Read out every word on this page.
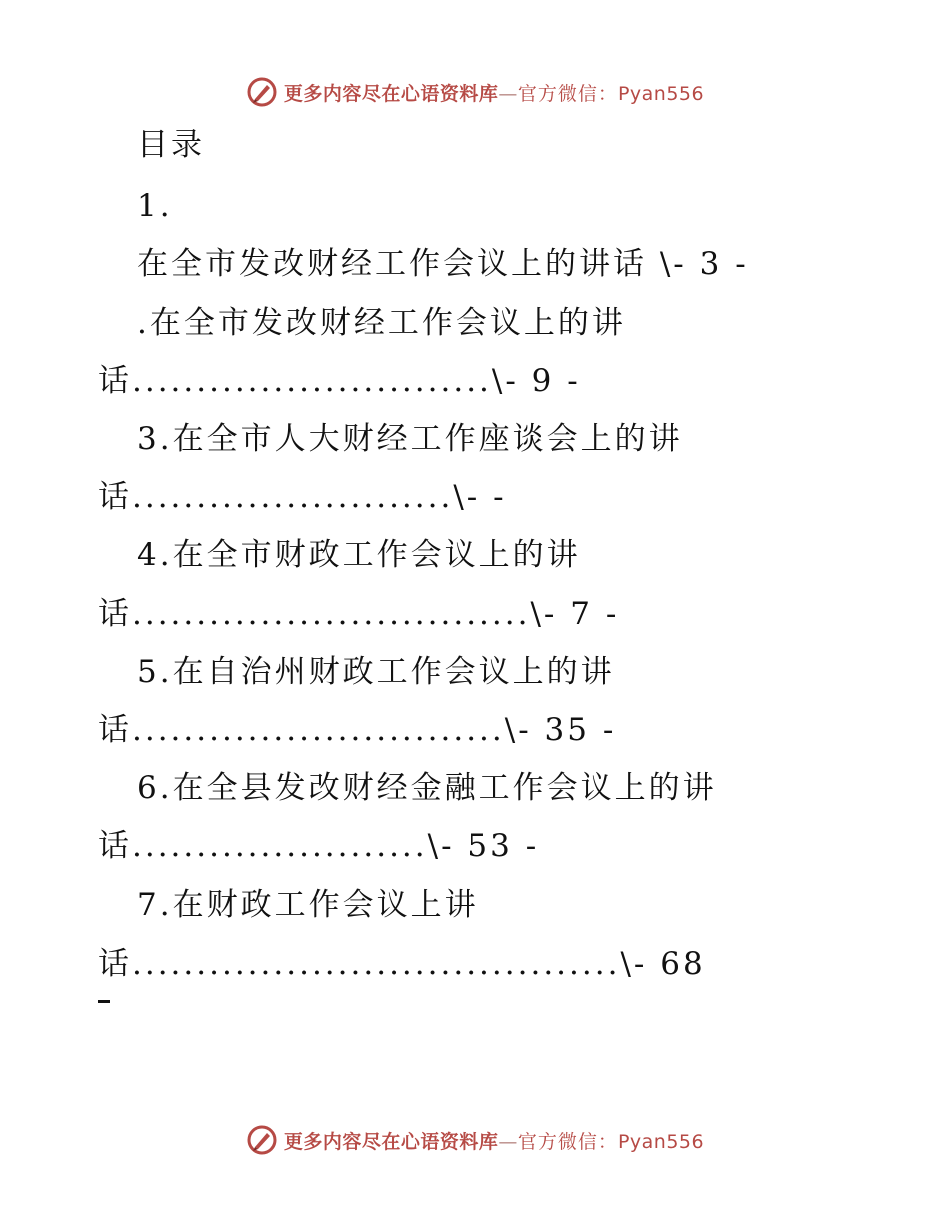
更多内容尽在心语资料库—官方微信：Pyan556
目录
1.
在全市发改财经工作会议上的讲话 \- 3 -
.在全市发改财经工作会议上的讲
话............................\- 9 -
3.在全市人大财经工作座谈会上的讲
话.........................\- -
4.在全市财政工作会议上的讲
话...............................\- 7 -
5.在自治州财政工作会议上的讲
话.............................\- 35 -
6.在全县发改财经金融工作会议上的讲
话.......................\- 53 -
7.在财政工作会议上讲
话......................................\- 68
更多内容尽在心语资料库—官方微信：Pyan556
